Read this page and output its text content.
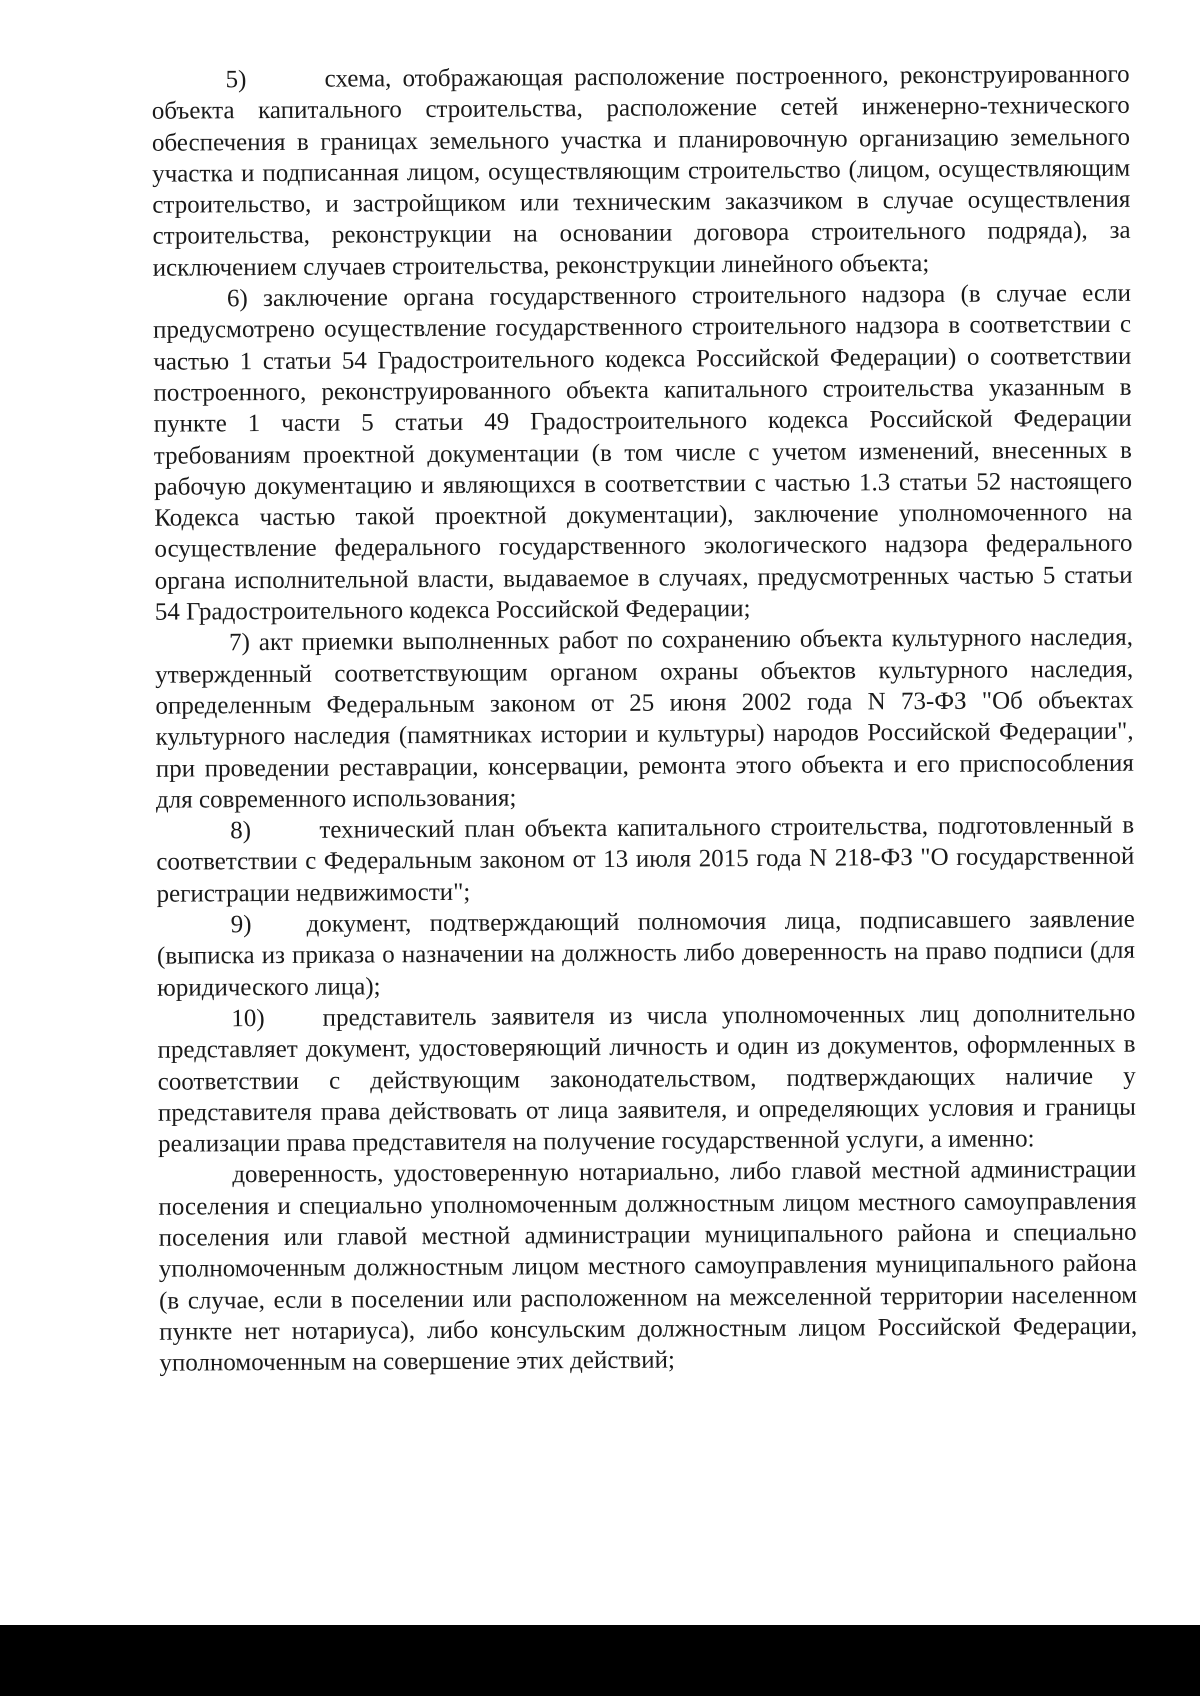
5)	схема, отображающая расположение построенного, реконструированного объекта капитального строительства, расположение сетей инженерно-технического обеспечения в границах земельного участка и планировочную организацию земельного участка и подписанная лицом, осуществляющим строительство (лицом, осуществляющим строительство, и застройщиком или техническим заказчиком в случае осуществления строительства, реконструкции на основании договора строительного подряда), за исключением случаев строительства, реконструкции линейного объекта;

6) заключение органа государственного строительного надзора (в случае если предусмотрено осуществление государственного строительного надзора в соответствии с частью 1 статьи 54 Градостроительного кодекса Российской Федерации) о соответствии построенного, реконструированного объекта капитального строительства указанным в пункте 1 части 5 статьи 49 Градостроительного кодекса Российской Федерации требованиям проектной документации (в том числе с учетом изменений, внесенных в рабочую документацию и являющихся в соответствии с частью 1.3 статьи 52 настоящего Кодекса частью такой проектной документации), заключение уполномоченного на осуществление федерального государственного экологического надзора федерального органа исполнительной власти, выдаваемое в случаях, предусмотренных частью 5 статьи 54 Градостроительного кодекса Российской Федерации;

7) акт приемки выполненных работ по сохранению объекта культурного наследия, утвержденный соответствующим органом охраны объектов культурного наследия, определенным Федеральным законом от 25 июня 2002 года N 73-ФЗ "Об объектах культурного наследия (памятниках истории и культуры) народов Российской Федерации", при проведении реставрации, консервации, ремонта этого объекта и его приспособления для современного использования;

8)	технический план объекта капитального строительства, подготовленный в соответствии с Федеральным законом от 13 июля 2015 года N 218-ФЗ "О государственной регистрации недвижимости";

9) документ, подтверждающий полномочия лица, подписавшего заявление (выписка из приказа о назначении на должность либо доверенность на право подписи (для юридического лица);

10) представитель заявителя из числа уполномоченных лиц дополнительно представляет документ, удостоверяющий личность и один из документов, оформленных в соответствии с действующим законодательством, подтверждающих наличие у представителя права действовать от лица заявителя, и определяющих условия и границы реализации права представителя на получение государственной услуги, а именно:

доверенность, удостоверенную нотариально, либо главой местной администрации поселения и специально уполномоченным должностным лицом местного самоуправления поселения или главой местной администрации муниципального района и специально уполномоченным должностным лицом местного самоуправления муниципального района (в случае, если в поселении или расположенном на межселенной территории населенном пункте нет нотариуса), либо консульским должностным лицом Российской Федерации, уполномоченным на совершение этих действий;
